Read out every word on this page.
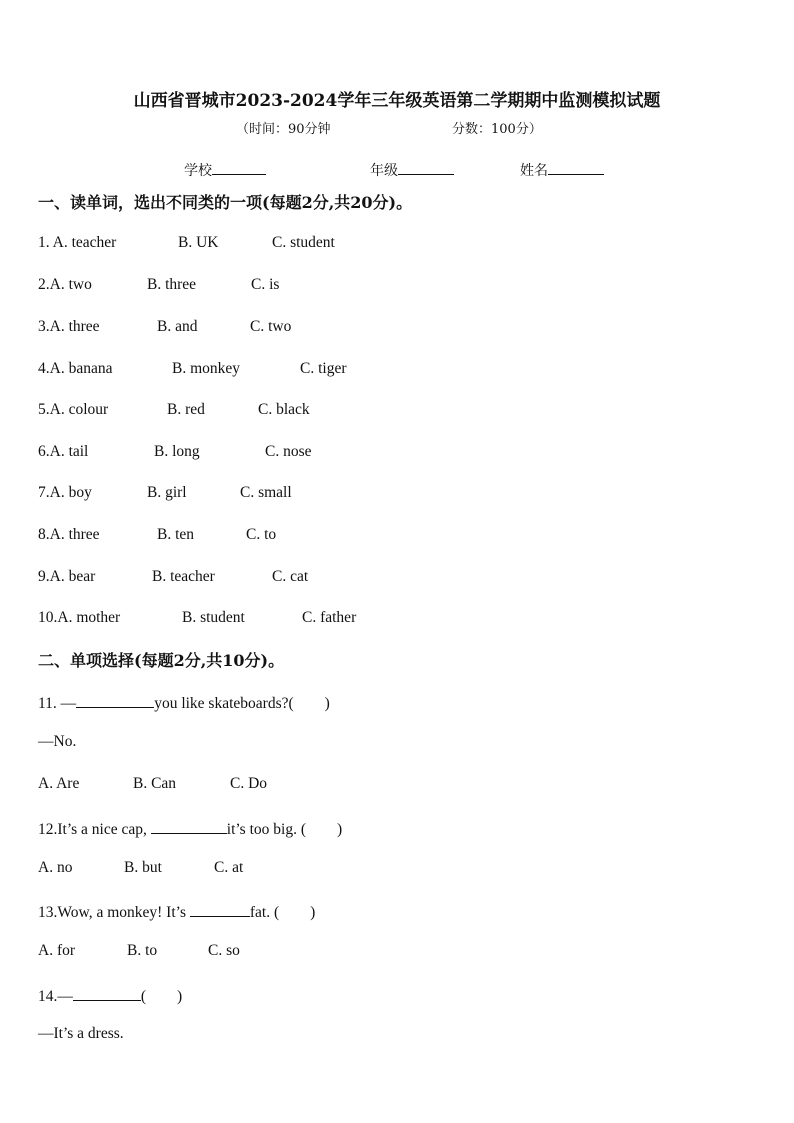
山西省晋城市2023-2024学年三年级英语第二学期期中监测模拟试题
（时间：90分钟	分数：100分）
学校	年级	姓名
一、读单词，选出不同类的一项(每题2分,共20分)。
1. A. teacher	B. UK	C. student
2.A. two	B. three	C. is
3.A. three	B. and	C. two
4.A. banana	B. monkey	C. tiger
5.A. colour	B. red	C. black
6.A. tail	B. long	C. nose
7.A. boy	B. girl	C. small
8.A. three	B. ten	C. to
9.A. bear	B. teacher	C. cat
10.A. mother	B. student	C. father
二、单项选择(每题2分,共10分)。
11. —	you like skateboards?(　　)
—No.
A. Are	B. Can	C. Do
12.It’s a nice cap,	it’s too big. (　　)
A. no	B. but	C. at
13.Wow, a monkey! It’s	fat. (　　)
A. for	B. to	C. so
14.—	(　　)
—It’s a dress.
